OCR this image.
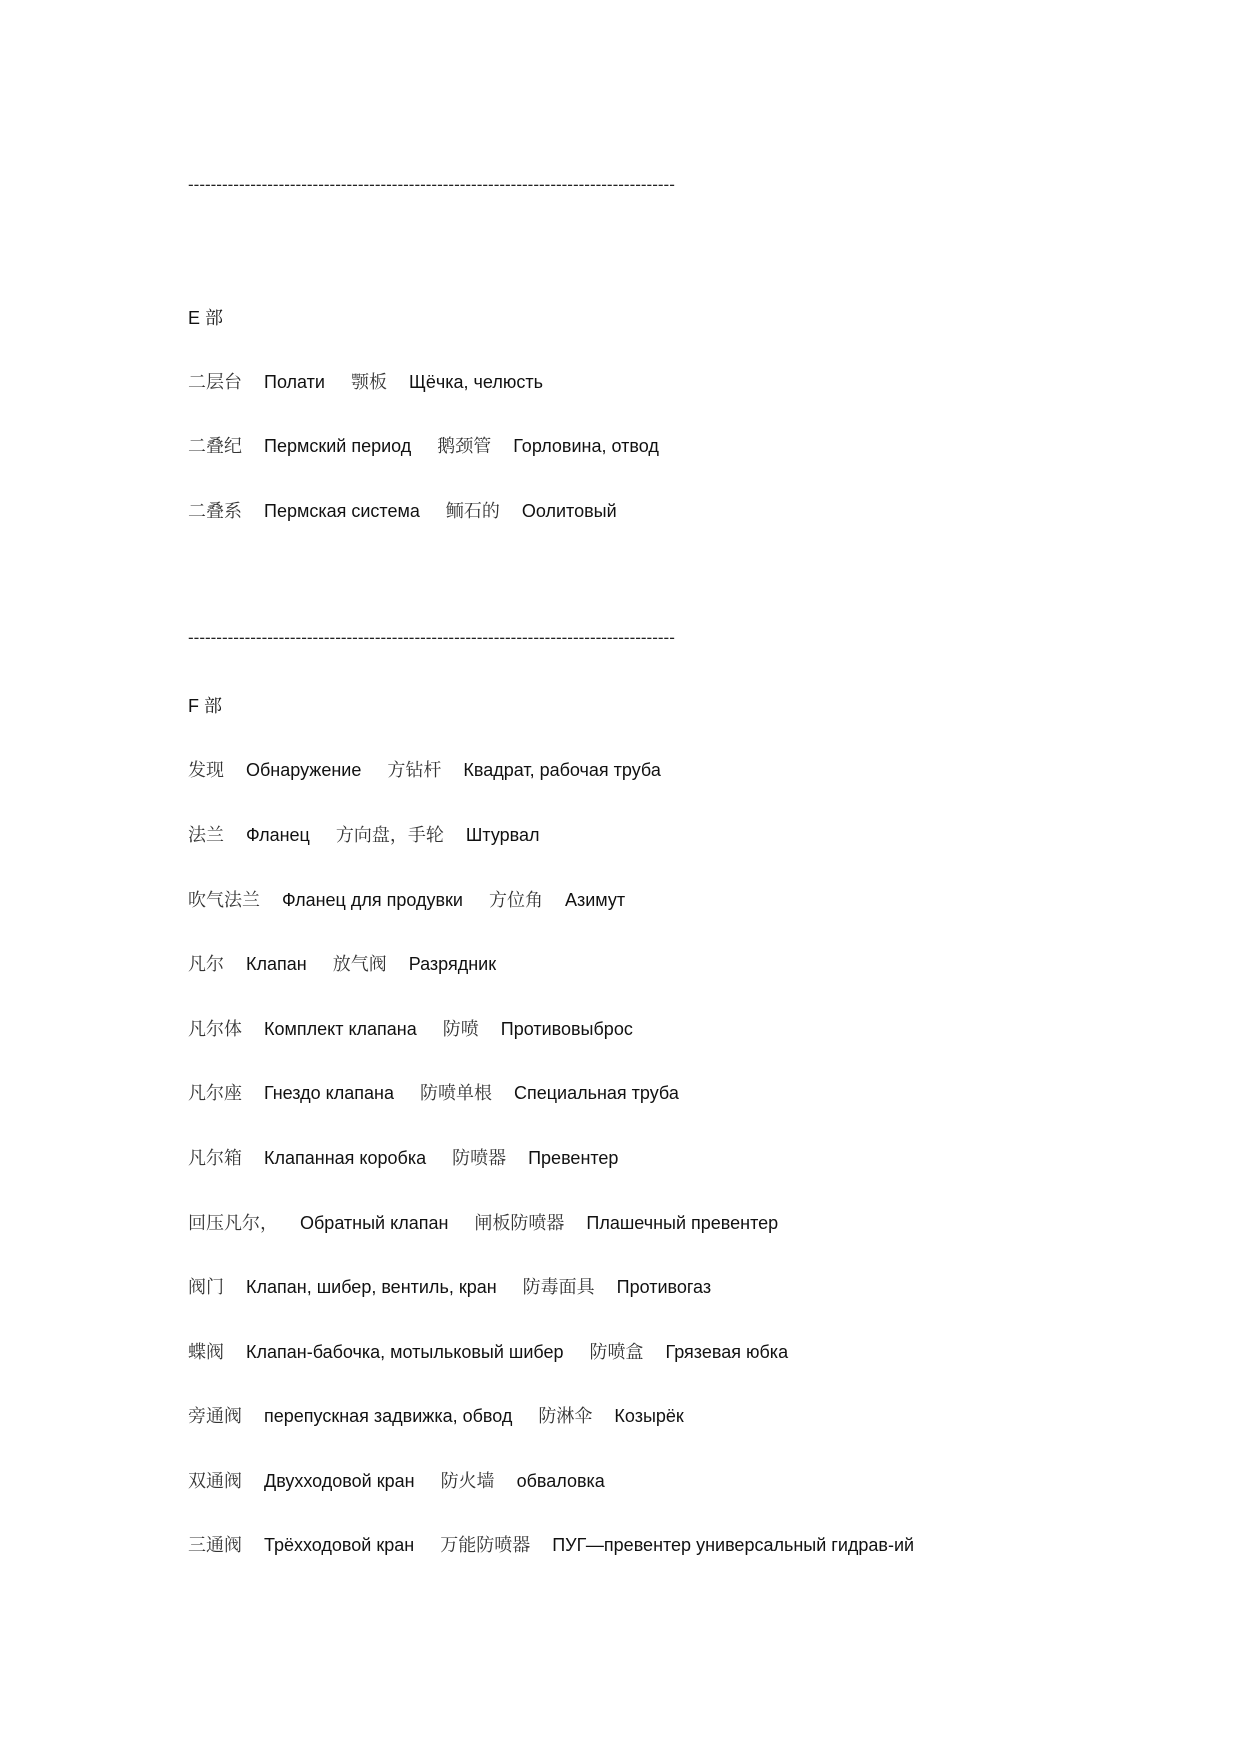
--------------------------------------------------------------------------------------
E 部
二层台 Полати 颚板 Щёчка, челюсть
二叠纪 Пермский период 鹅颈管 Горловина, отвод
二叠系 Пермская система 鲕石的 Оолитовый
--------------------------------------------------------------------------------------
F 部
发现 Обнаружение 方钻杆 Квадрат, рабочая труба
法兰 Фланец 方向盘，手轮 Штурвал
吹气法兰 Фланец для продувки 方位角 Азимут
凡尔 Клапан 放气阀 Разрядник
凡尔体 Комплект клапана 防喷 Противовыброс
凡尔座 Гнездо клапана 防喷单根 Специальная труба
凡尔箱 Клапанная коробка 防喷器 Превентер
回压凡尔， Обратный клапан 闸板防喷器 Плашечный превентер
阀门 Клапан, шибер, вентиль, кран 防毒面具 Противогаз
蝶阀 Клапан-бабочка, мотыльковый шибер 防喷盒 Грязевая юбка
旁通阀 перепускная задвижка, обвод 防淋伞 Козырёк
双通阀 Двухходовой кран 防火墙 обваловка
三通阀 Трёхходовой кран 万能防喷器 ПУГ—превентер универсальный гидрав-ий
